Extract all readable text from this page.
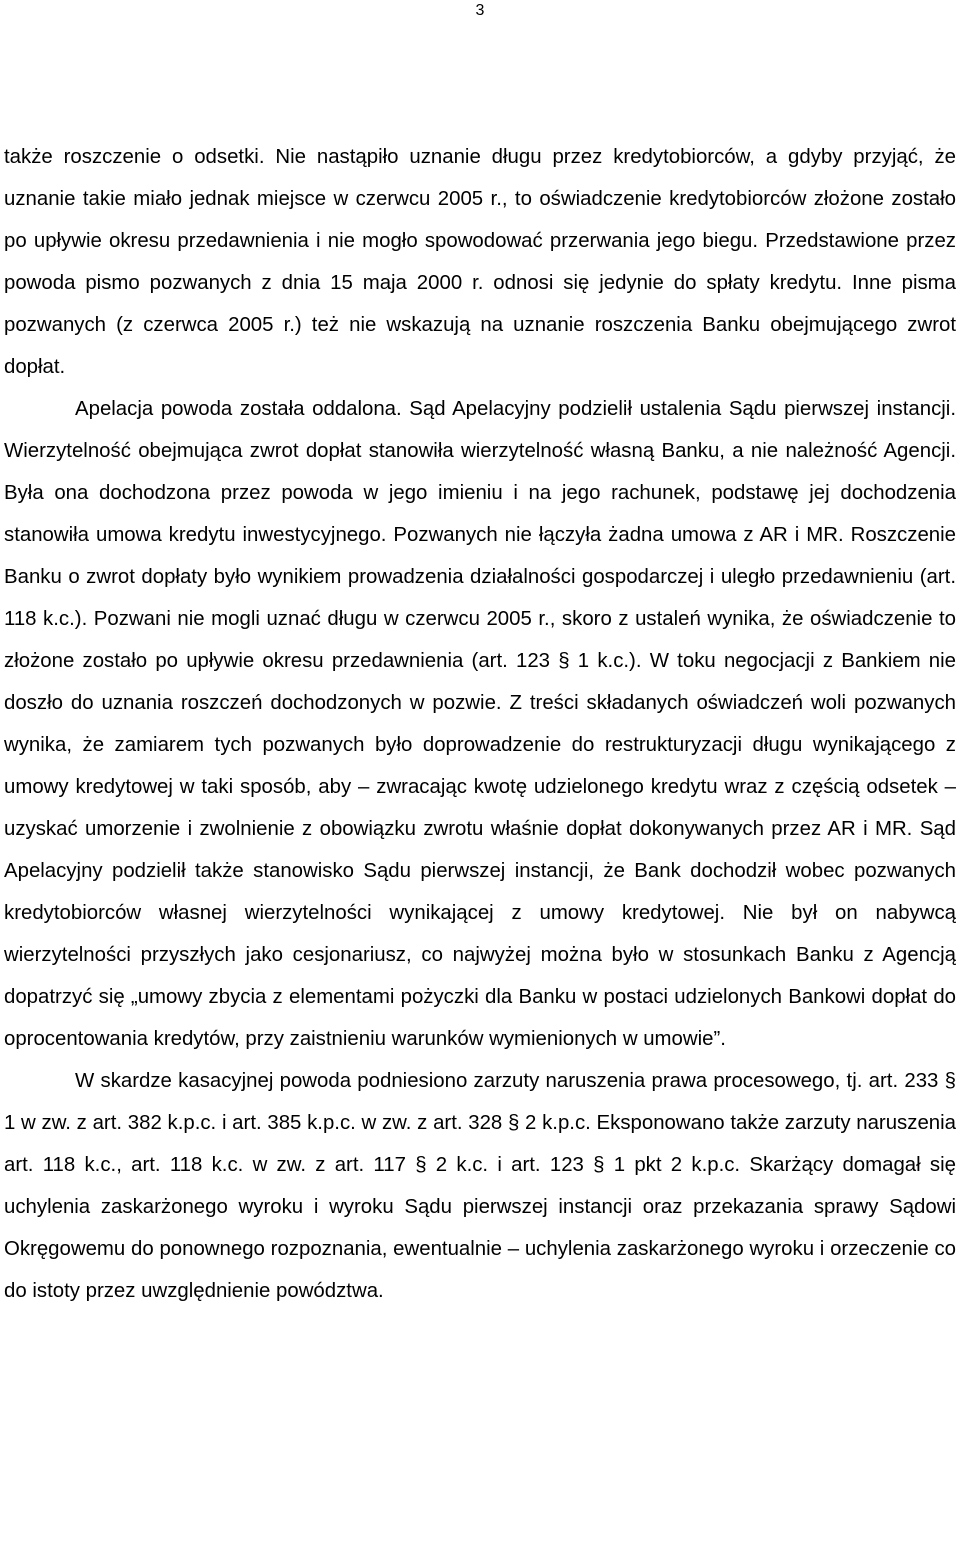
3

także roszczenie o odsetki. Nie nastąpiło uznanie długu przez kredytobiorców, a gdyby przyjąć, że uznanie takie miało jednak miejsce w czerwcu 2005 r., to oświadczenie kredytobiorców złożone zostało po upływie okresu przedawnienia i nie mogło spowodować przerwania jego biegu. Przedstawione przez powoda pismo pozwanych z dnia 15 maja 2000 r. odnosi się jedynie do spłaty kredytu. Inne pisma pozwanych (z czerwca 2005 r.) też nie wskazują na uznanie roszczenia Banku obejmującego zwrot dopłat.

Apelacja powoda została oddalona. Sąd Apelacyjny podzielił ustalenia Sądu pierwszej instancji. Wierzytelność obejmująca zwrot dopłat stanowiła wierzytelność własną Banku, a nie należność Agencji. Była ona dochodzona przez powoda w jego imieniu i na jego rachunek, podstawę jej dochodzenia stanowiła umowa kredytu inwestycyjnego. Pozwanych nie łączyła żadna umowa z AR i MR. Roszczenie Banku o zwrot dopłaty było wynikiem prowadzenia działalności gospodarczej i uległo przedawnieniu (art. 118 k.c.). Pozwani nie mogli uznać długu w czerwcu 2005 r., skoro z ustaleń wynika, że oświadczenie to złożone zostało po upływie okresu przedawnienia (art. 123 § 1 k.c.). W toku negocjacji z Bankiem nie doszło do uznania roszczeń dochodzonych w pozwie. Z treści składanych oświadczeń woli pozwanych wynika, że zamiarem tych pozwanych było doprowadzenie do restrukturyzacji długu wynikającego z umowy kredytowej w taki sposób, aby – zwracając kwotę udzielonego kredytu wraz z częścią odsetek – uzyskać umorzenie i zwolnienie z obowiązku zwrotu właśnie dopłat dokonywanych przez AR i MR. Sąd Apelacyjny podzielił także stanowisko Sądu pierwszej instancji, że Bank dochodził wobec pozwanych kredytobiorców własnej wierzytelności wynikającej z umowy kredytowej. Nie był on nabywcą wierzytelności przyszłych jako cesjonariusz, co najwyżej można było w stosunkach Banku z Agencją dopatrzyć się „umowy zbycia z elementami pożyczki dla Banku w postaci udzielonych Bankowi dopłat do oprocentowania kredytów, przy zaistnieniu warunków wymienionych w umowie”.

W skardze kasacyjnej powoda podniesiono zarzuty naruszenia prawa procesowego, tj. art. 233 § 1 w zw. z art. 382 k.p.c. i art. 385 k.p.c. w zw. z art. 328 § 2 k.p.c. Eksponowano także zarzuty naruszenia art. 118 k.c., art. 118 k.c. w zw. z art. 117 § 2 k.c. i art. 123 § 1 pkt 2 k.p.c. Skarżący domagał się uchylenia zaskarżonego wyroku i wyroku Sądu pierwszej instancji oraz przekazania sprawy Sądowi Okręgowemu do ponownego rozpoznania, ewentualnie – uchylenia zaskarżonego wyroku i orzeczenie co do istoty przez uwzględnienie powództwa.
